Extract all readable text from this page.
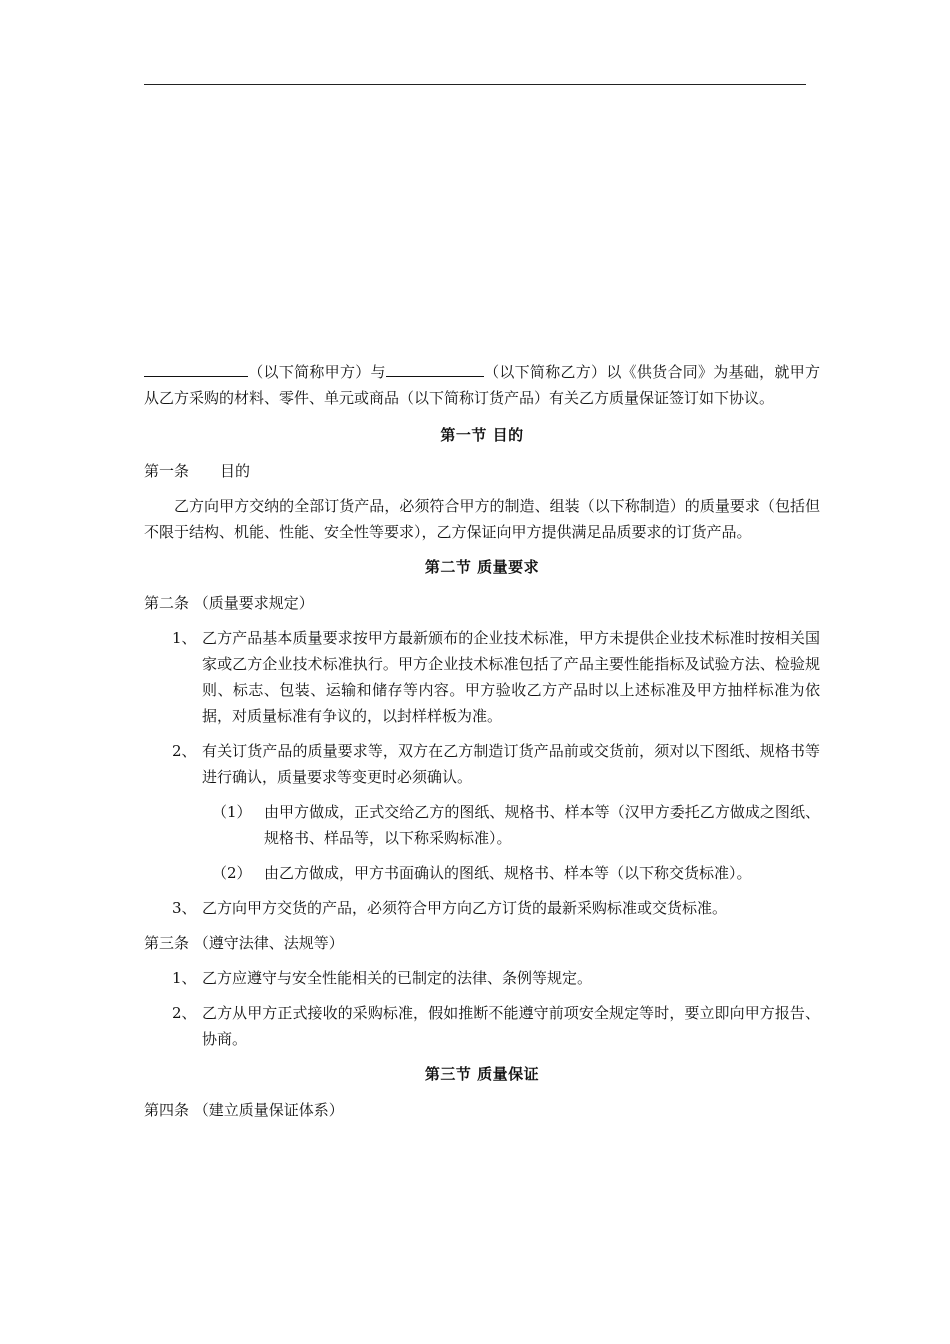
（以下简称甲方）与	（以下简称乙方）以《供货合同》为基础，就甲方从乙方采购的材料、零件、单元或商品（以下简称订货产品）有关乙方质量保证签订如下协议。

第一节 目的
第一条 目的

乙方向甲方交纳的全部订货产品，必须符合甲方的制造、组装（以下称制造）的质量要求（包括但不限于结构、机能、性能、安全性等要求），乙方保证向甲方提供满足品质要求的订货产品。

第二节 质量要求
第二条 （质量要求规定）
1、 乙方产品基本质量要求按甲方最新颁布的企业技术标准，甲方未提供企业技术标准时按相关国家或乙方企业技术标准执行。甲方企业技术标准包括了产品主要性能指标及试验方法、检验规则、标志、包装、运输和储存等内容。甲方验收乙方产品时以上述标准及甲方抽样标准为依据，对质量标准有争议的，以封样样板为准。
2、 有关订货产品的质量要求等，双方在乙方制造订货产品前或交货前，须对以下图纸、规格书等进行确认，质量要求等变更时必须确认。
（1） 由甲方做成，正式交给乙方的图纸、规格书、样本等（汉甲方委托乙方做成之图纸、规格书、样品等，以下称采购标准）。
（2） 由乙方做成，甲方书面确认的图纸、规格书、样本等（以下称交货标准）。
3、 乙方向甲方交货的产品，必须符合甲方向乙方订货的最新采购标准或交货标准。
第三条 （遵守法律、法规等）
1、 乙方应遵守与安全性能相关的已制定的法律、条例等规定。
2、 乙方从甲方正式接收的采购标准，假如推断不能遵守前项安全规定等时，要立即向甲方报告、协商。
第三节 质量保证
第四条 （建立质量保证体系）
